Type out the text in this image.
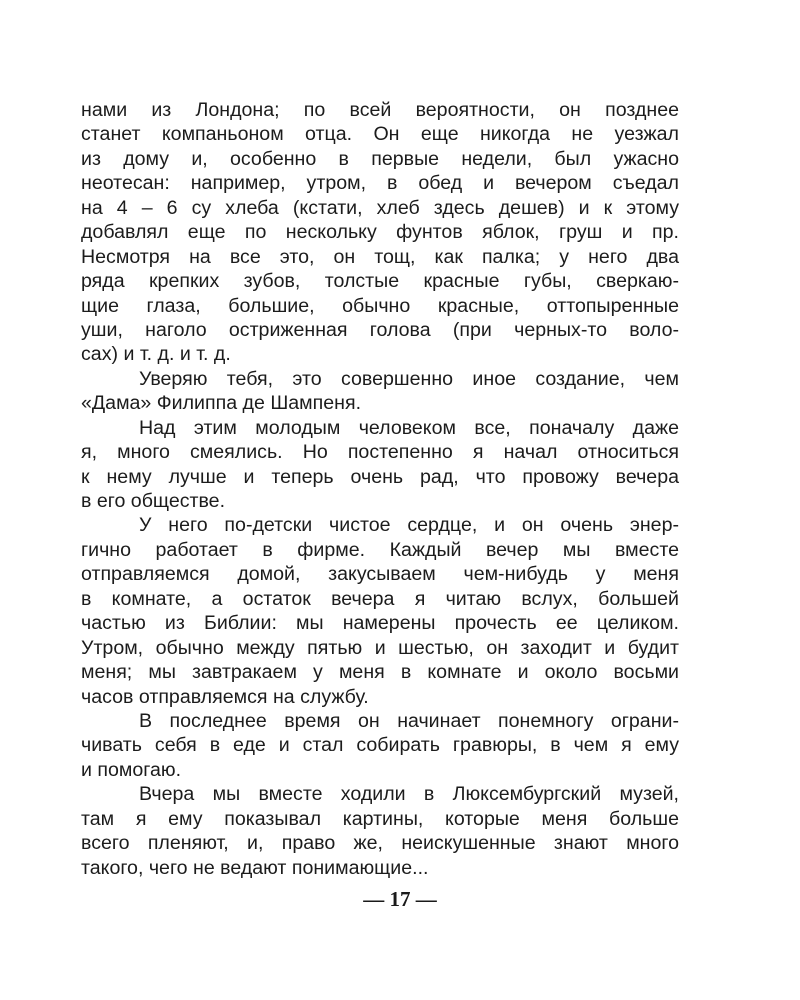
нами из Лондона; по всей вероятности, он позднее
станет компаньоном отца. Он еще никогда не уезжал
из дому и, особенно в первые недели, был ужасно
неотесан: например, утром, в обед и вечером съедал
на 4 – 6 су хлеба (кстати, хлеб здесь дешев) и к этому
добавлял еще по нескольку фунтов яблок, груш и пр.
Несмотря на все это, он тощ, как палка; у него два
ряда крепких зубов, толстые красные губы, сверкаю-
щие глаза, большие, обычно красные, оттопыренные
уши, наголо остриженная голова (при черных-то воло-
сах) и т. д. и т. д.
Уверяю тебя, это совершенно иное создание, чем
«Дама» Филиппа де Шампеня.
Над этим молодым человеком все, поначалу даже
я, много смеялись. Но постепенно я начал относиться
к нему лучше и теперь очень рад, что провожу вечера
в его обществе.
У него по-детски чистое сердце, и он очень энер-
гично работает в фирме. Каждый вечер мы вместе
отправляемся домой, закусываем чем-нибудь у меня
в комнате, а остаток вечера я читаю вслух, большей
частью из Библии: мы намерены прочесть ее целиком.
Утром, обычно между пятью и шестью, он заходит и будит
меня; мы завтракаем у меня в комнате и около восьми
часов отправляемся на службу.
В последнее время он начинает понемногу ограни-
чивать себя в еде и стал собирать гравюры, в чем я ему
и помогаю.
Вчера мы вместе ходили в Люксембургский музей,
там я ему показывал картины, которые меня больше
всего пленяют, и, право же, неискушенные знают много
такого, чего не ведают понимающие...
— 17 —
